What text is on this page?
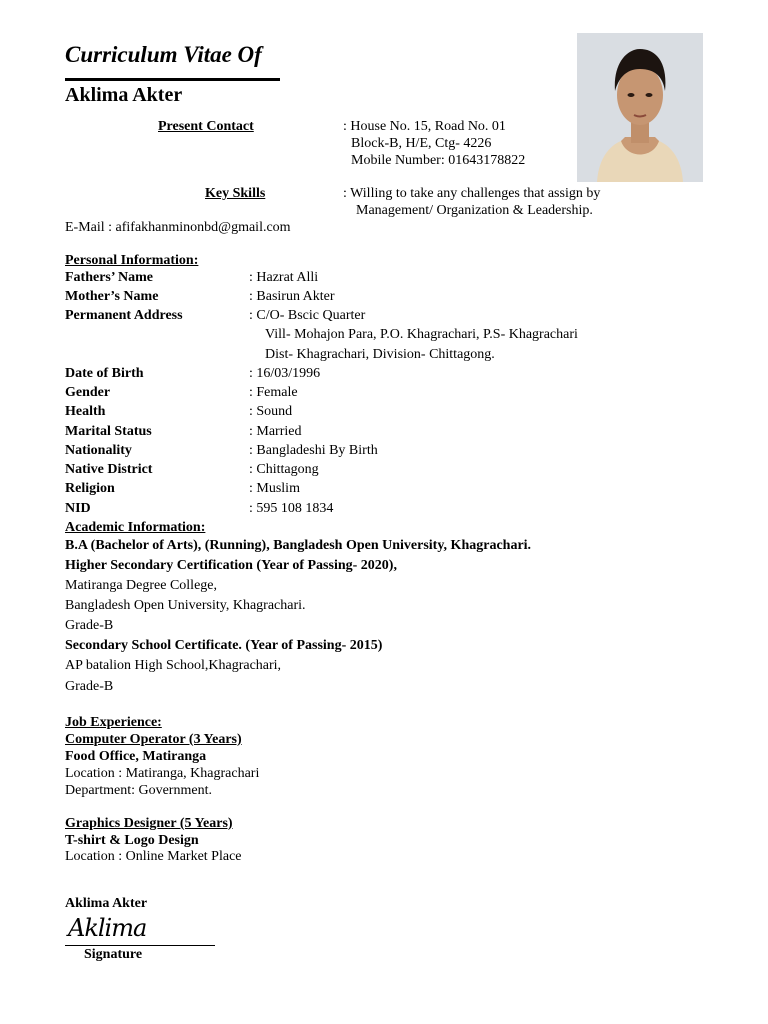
Curriculum Vitae Of
Aklima Akter
Present Contact	: House No. 15, Road No. 01
Block-B, H/E, Ctg- 4226
Mobile Number: 01643178822
Key Skills	: Willing to take any challenges that assign by
Management/ Organization & Leadership.
E-Mail : afifakhanminonbd@gmail.com
Personal Information:
Fathers’ Name	: Hazrat Alli
Mother’s Name	: Basirun Akter
Permanent Address	: C/O- Bscic Quarter
Vill- Mohajon Para, P.O. Khagrachari, P.S- Khagrachari
Dist- Khagrachari, Division- Chittagong.
Date of Birth	: 16/03/1996
Gender	: Female
Health	: Sound
Marital Status	: Married
Nationality	: Bangladeshi By Birth
Native District	: Chittagong
Religion	: Muslim
NID	: 595 108 1834
Academic Information:
B.A (Bachelor of Arts), (Running), Bangladesh Open University, Khagrachari.
Higher Secondary Certification (Year of Passing- 2020),
Matiranga Degree College,
Bangladesh Open University, Khagrachari.
Grade-B
Secondary School Certificate. (Year of Passing- 2015)
AP batalion High School,Khagrachari,
Grade-B
Job Experience:
Computer Operator (3 Years)
Food Office, Matiranga
Location : Matiranga, Khagrachari
Department: Government.
Graphics Designer (5 Years)
T-shirt & Logo Design
Location : Online Market Place
Aklima Akter
Aklima
Signature
